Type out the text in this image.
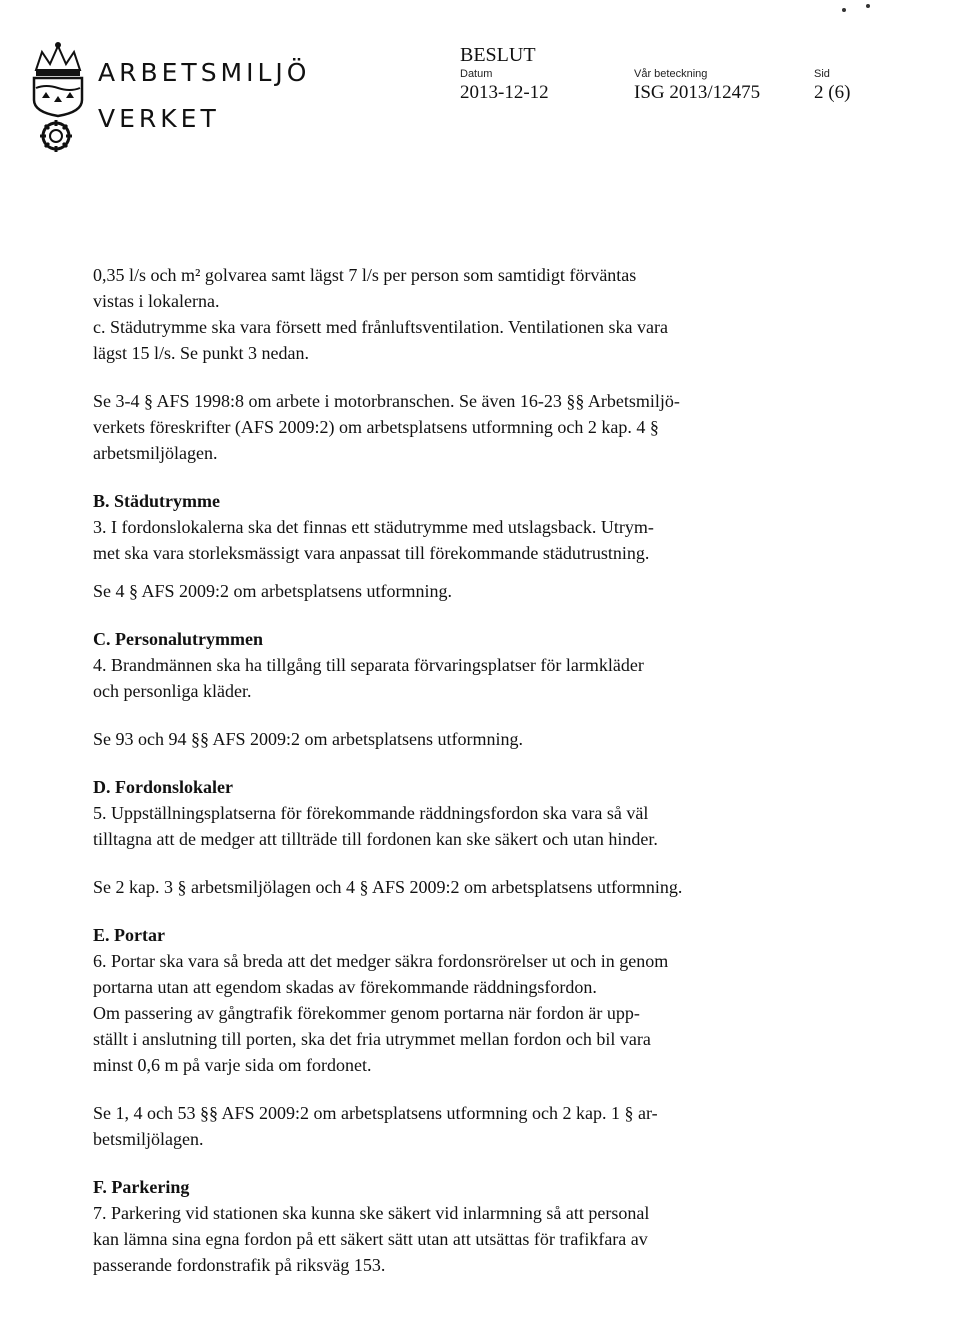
ARBETSMILJÖ
VERKET
BESLUT
Datum
2013-12-12
Vår beteckning
ISG 2013/12475
Sid
2 (6)

0,35 l/s och m² golvarea samt lägst 7 l/s per person som samtidigt förväntas

vistas i lokalerna.

c. Städutrymme ska vara försett med frånluftsventilation. Ventilationen ska vara

lägst 15 l/s. Se punkt 3 nedan.

Se 3-4 § AFS 1998:8 om arbete i motorbranschen. Se även 16-23 §§ Arbetsmiljö-

verkets föreskrifter (AFS 2009:2) om arbetsplatsens utformning och 2 kap. 4 §

arbetsmiljölagen.

B. Städutrymme

3. I fordonslokalerna ska det finnas ett städutrymme med utslagsback. Utrym-

met ska vara storleksmässigt vara anpassat till förekommande städutrustning.

Se 4 § AFS 2009:2 om arbetsplatsens utformning.

C. Personalutrymmen

4. Brandmännen ska ha tillgång till separata förvaringsplatser för larmkläder

och personliga kläder.

Se 93 och 94 §§ AFS 2009:2 om arbetsplatsens utformning.

D. Fordonslokaler

5. Uppställningsplatserna för förekommande räddningsfordon ska vara så väl

tilltagna att de medger att tillträde till fordonen kan ske säkert och utan hinder.

Se 2 kap. 3 § arbetsmiljölagen och 4 § AFS 2009:2 om arbetsplatsens utformning.

E. Portar

6. Portar ska vara så breda att det medger säkra fordonsrörelser ut och in genom

portarna utan att egendom skadas av förekommande räddningsfordon.

Om passering av gångtrafik förekommer genom portarna när fordon är upp-

ställt i anslutning till porten, ska det fria utrymmet mellan fordon och bil vara

minst 0,6 m på varje sida om fordonet.

Se 1, 4 och 53 §§ AFS 2009:2 om arbetsplatsens utformning och 2 kap. 1 § ar-

betsmiljölagen.

F. Parkering

7. Parkering vid stationen ska kunna ske säkert vid inlarmning så att personal

kan lämna sina egna fordon på ett säkert sätt utan att utsättas för trafikfara av

passerande fordonstrafik på riksväg 153.
